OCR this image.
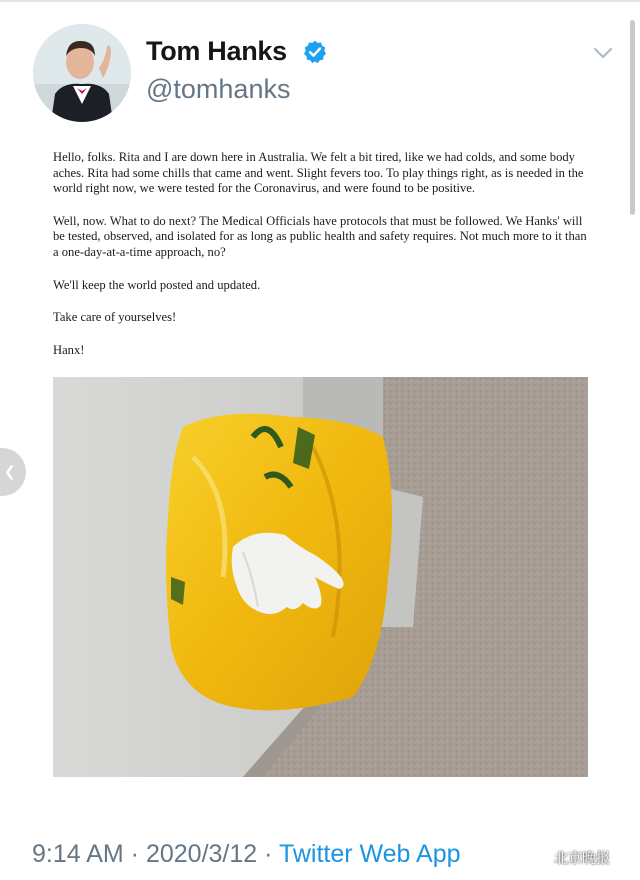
Tom Hanks
@tomhanks
❮

Hello, folks. Rita and I are down here in Australia. We felt a bit tired, like we had colds, and some body aches. Rita had some chills that came and went. Slight fevers too. To play things right, as is needed in the world right now, we were tested for the Coronavirus, and were found to be positive.

Well, now. What to do next? The Medical Officials have protocols that must be followed. We Hanks' will be tested, observed, and isolated for as long as public health and safety requires. Not much more to it than a one-day-at-a-time approach, no?

We'll keep the world posted and updated.

Take care of yourselves!

Hanx!

9:14 AM · 2020/3/12 · Twitter Web App	北京晚报
